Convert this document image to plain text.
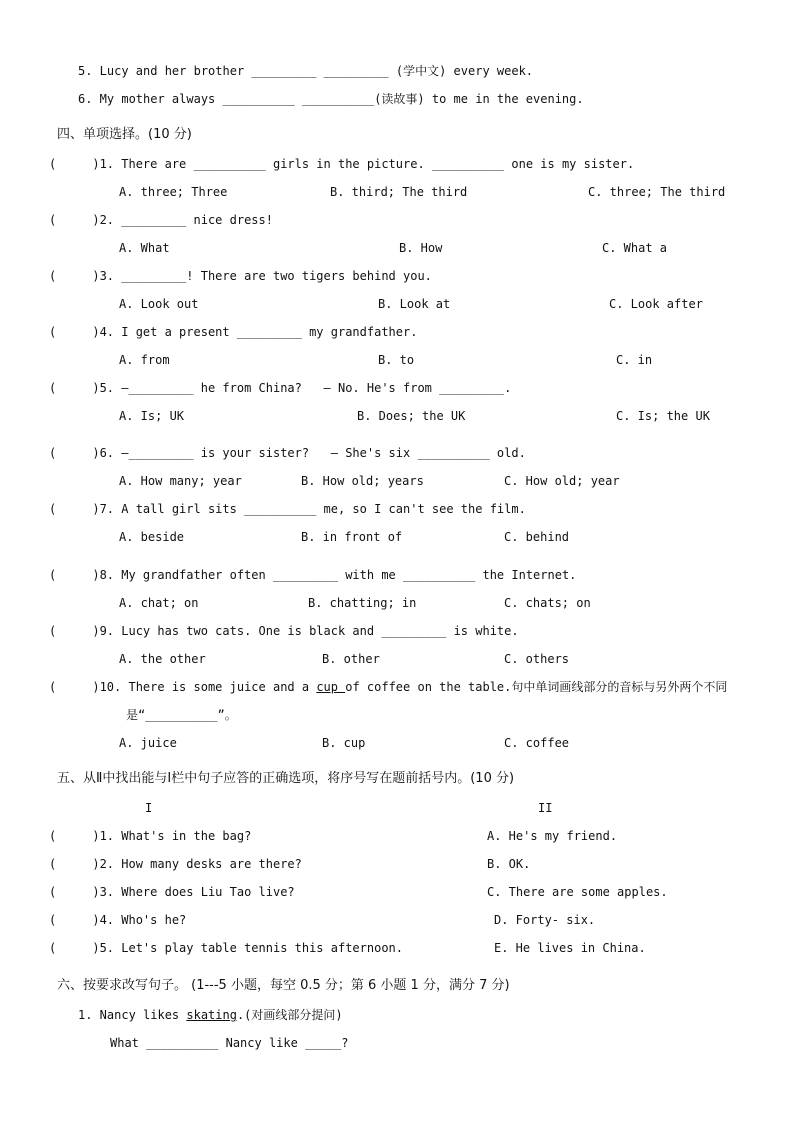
5. Lucy and her brother _________ _________ (学中文) every week.
6. My mother always __________ __________(读故事) to me in the evening.
四、单项选择。(10 分)
(     )1. There are __________ girls in the picture. __________ one is my sister.
A. three; Three	B. third; The third	C. three; The third
(     )2. _________ nice dress!
A. What	B. How	C. What a
(     )3. _________! There are two tigers behind you.
A. Look out	B. Look at	C. Look after
(     )4. I get a present _________ my grandfather.
A. from	B. to	C. in
(     )5. —_________ he from China?   — No. He's from _________.
A. Is; UK	B. Does; the UK	C. Is; the UK
(     )6. —_________ is your sister?   — She's six __________ old.
A. How many; year	B. How old; years	C. How old; year
(     )7. A tall girl sits __________ me, so I can't see the film.
A. beside	B. in front of	C. behind
(     )8. My grandfather often _________ with me __________ the Internet.
A. chat; on	B. chatting; in	C. chats; on
(     )9. Lucy has two cats. One is black and _________ is white.
A. the other	B. other	C. others
(     )10. There is some juice and a cup of coffee on the table.句中单词画线部分的音标与另外两个不同
是“__________”。
A. juice	B. cup	C. coffee
五、从Ⅱ中找出能与Ⅰ栏中句子应答的正确选项，将序号写在题前括号内。(10 分)
I	II
(     )1. What's in the bag?	A. He's my friend.
(     )2. How many desks are there?	B. OK.
(     )3. Where does Liu Tao live?	C. There are some apples.
(     )4. Who's he?	D. Forty- six.
(     )5. Let's play table tennis this afternoon.	E. He lives in China.
六、按要求改写句子。 (1---5 小题，每空 0.5 分；第 6 小题 1 分，满分 7 分)
1. Nancy likes skating.(对画线部分提问)
What __________ Nancy like _____?
